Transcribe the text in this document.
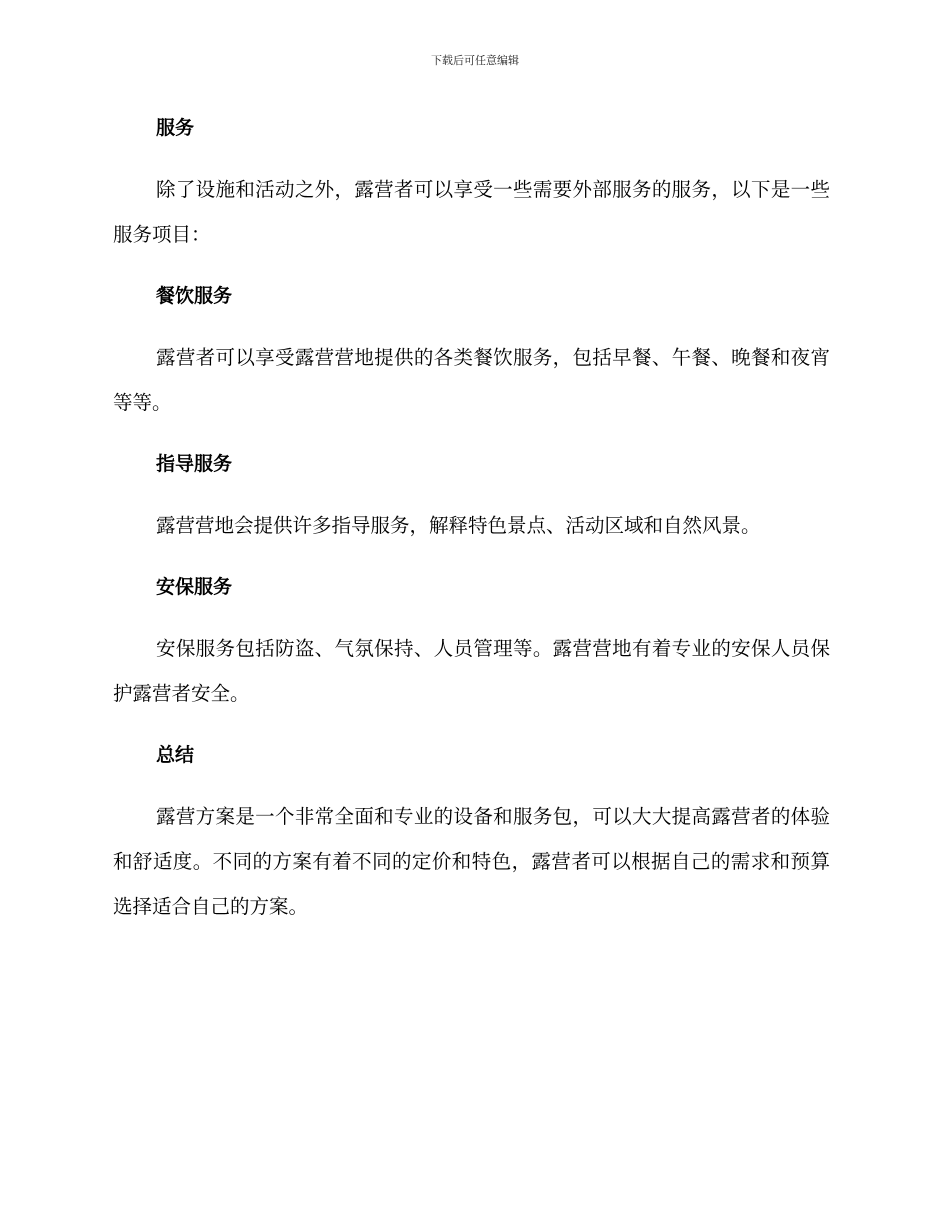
下载后可任意编辑
服务

除了设施和活动之外，露营者可以享受一些需要外部服务的服务，以下是一些服务项目：

餐饮服务

露营者可以享受露营营地提供的各类餐饮服务，包括早餐、午餐、晚餐和夜宵等等。

指导服务

露营营地会提供许多指导服务，解释特色景点、活动区域和自然风景。

安保服务

安保服务包括防盗、气氛保持、人员管理等。露营营地有着专业的安保人员保护露营者安全。

总结

露营方案是一个非常全面和专业的设备和服务包，可以大大提高露营者的体验和舒适度。不同的方案有着不同的定价和特色，露营者可以根据自己的需求和预算选择适合自己的方案。
